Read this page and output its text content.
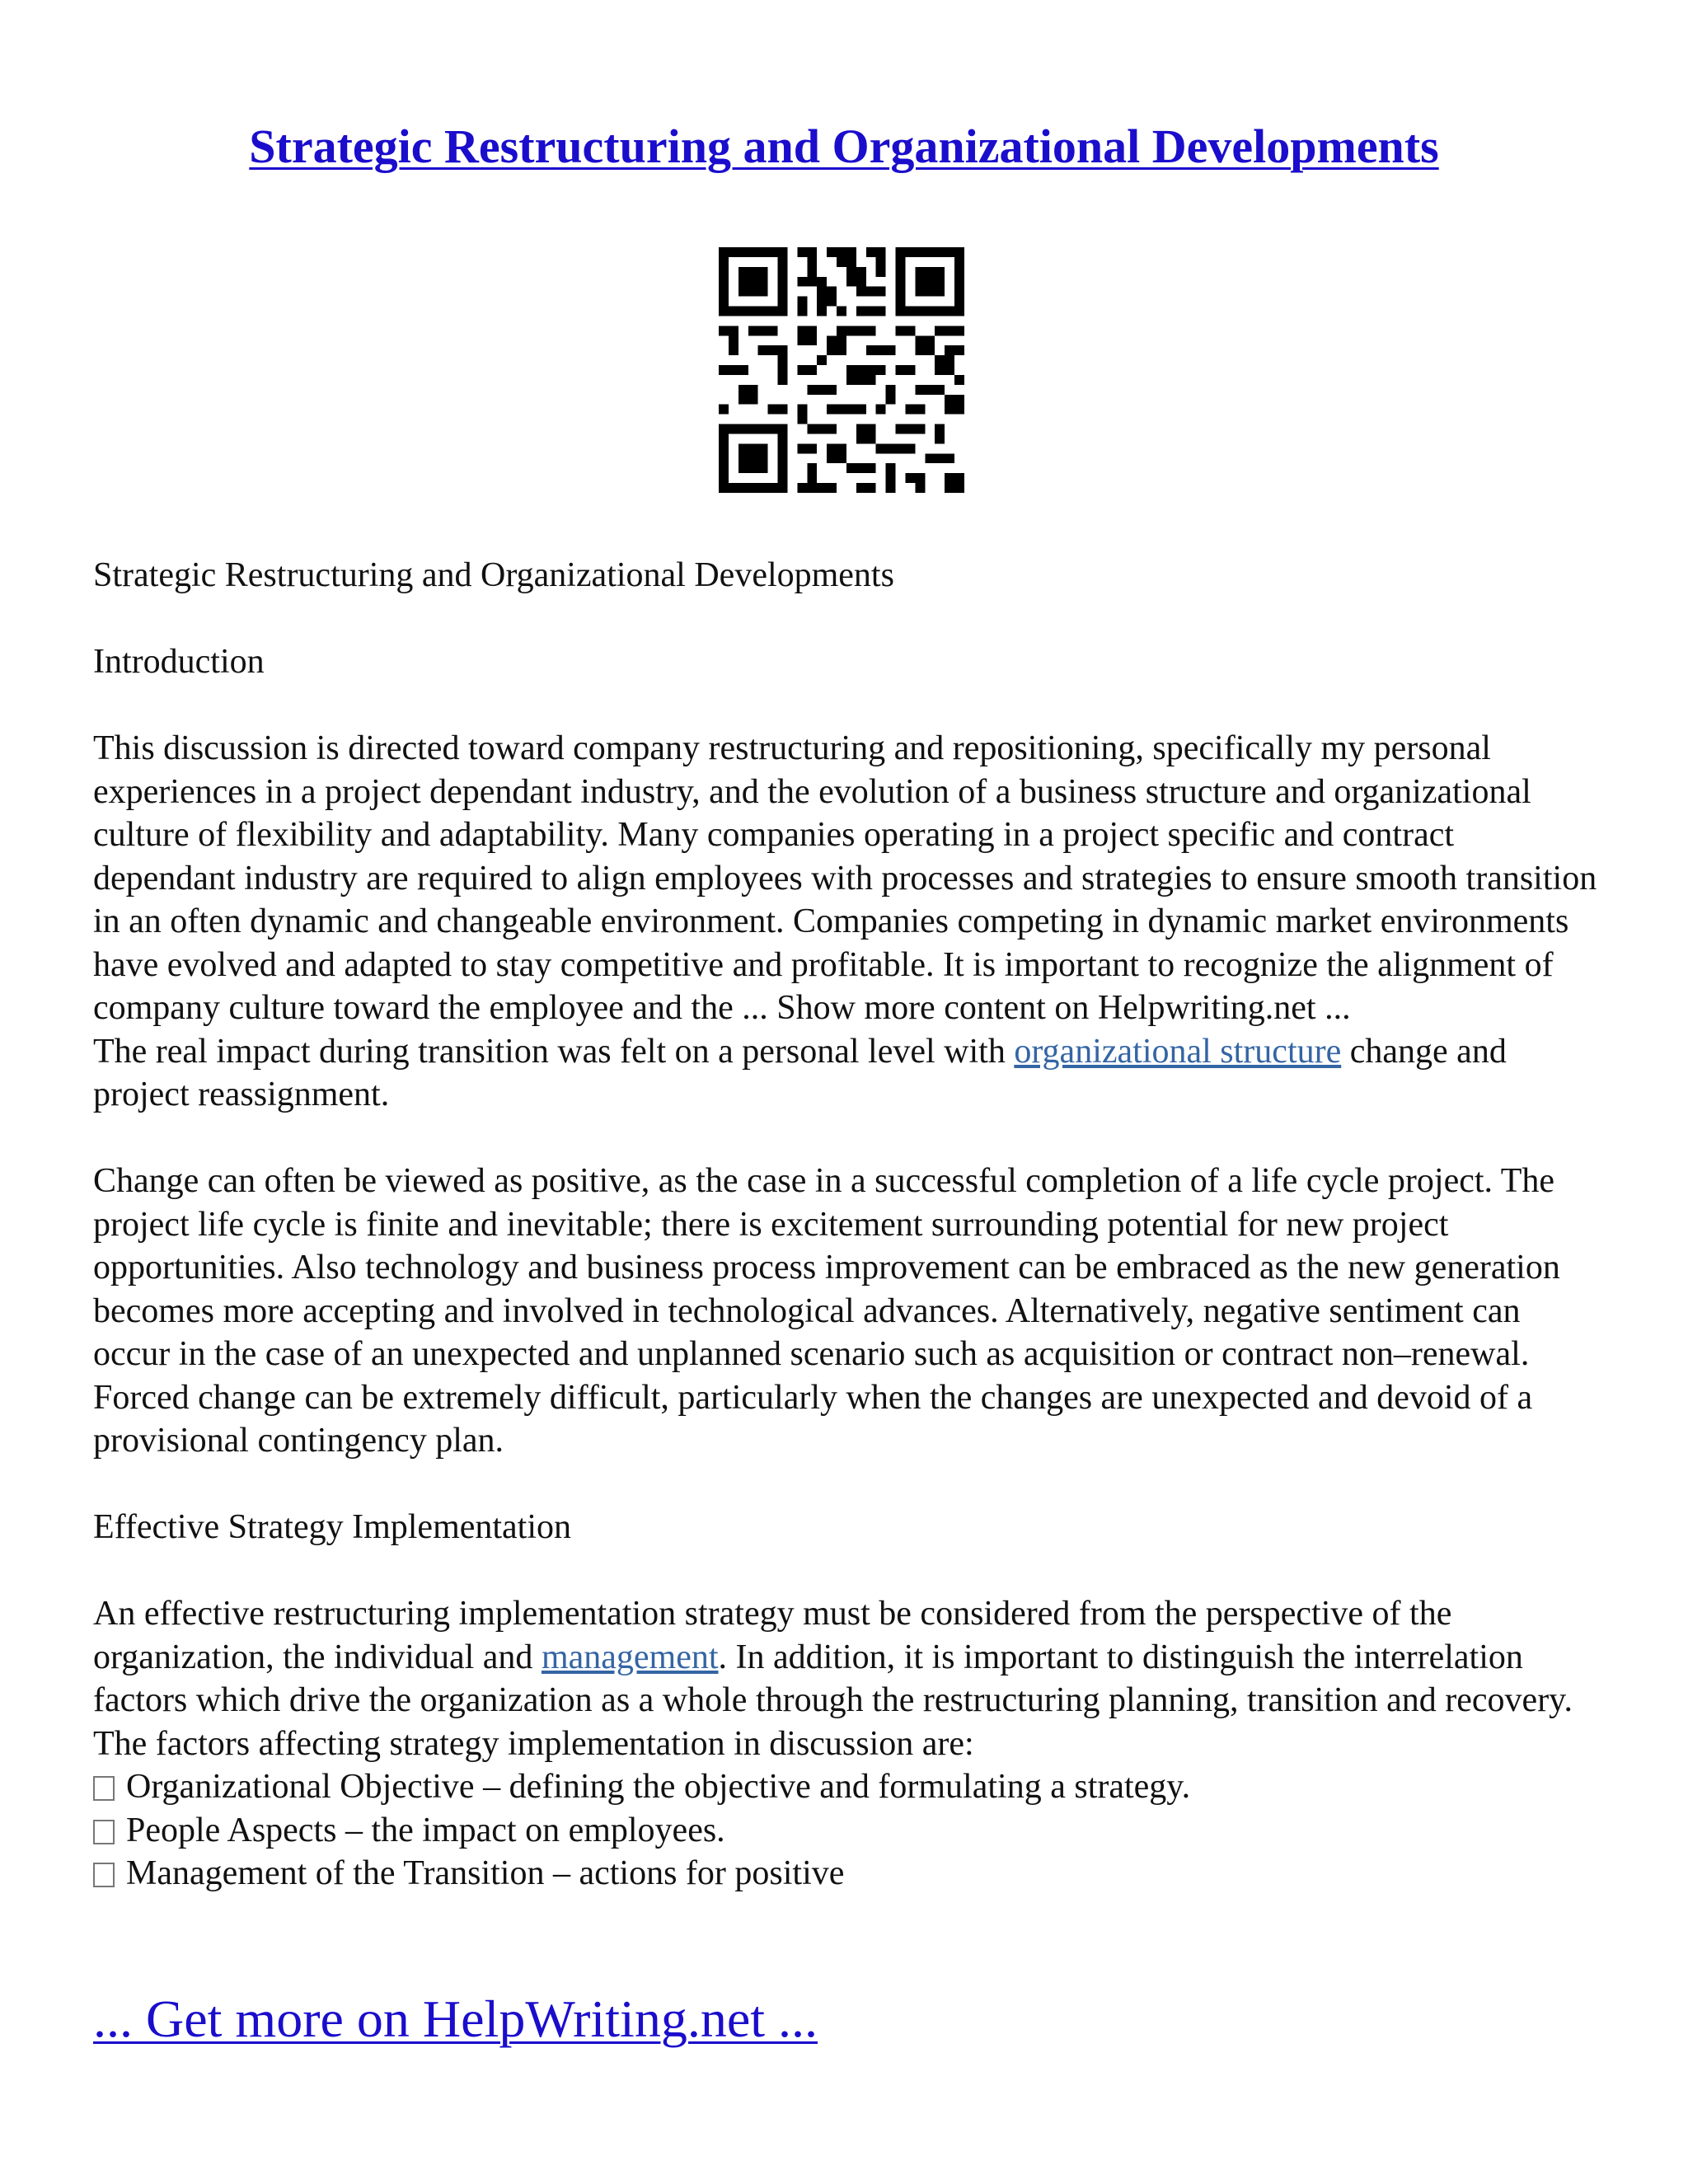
Strategic Restructuring and Organizational Developments

Strategic Restructuring and Organizational Developments

Introduction

This discussion is directed toward company restructuring and repositioning, specifically my personal experiences in a project dependant industry, and the evolution of a business structure and organizational culture of flexibility and adaptability. Many companies operating in a project specific and contract dependant industry are required to align employees with processes and strategies to ensure smooth transition in an often dynamic and changeable environment. Companies competing in dynamic market environments have evolved and adapted to stay competitive and profitable. It is important to recognize the alignment of company culture toward the employee and the ... Show more content on Helpwriting.net ...

The real impact during transition was felt on a personal level with organizational structure change and project reassignment.

Change can often be viewed as positive, as the case in a successful completion of a life cycle project. The project life cycle is finite and inevitable; there is excitement surrounding potential for new project opportunities. Also technology and business process improvement can be embraced as the new generation becomes more accepting and involved in technological advances. Alternatively, negative sentiment can occur in the case of an unexpected and unplanned scenario such as acquisition or contract non–renewal. Forced change can be extremely difficult, particularly when the changes are unexpected and devoid of a provisional contingency plan.

Effective Strategy Implementation

An effective restructuring implementation strategy must be considered from the perspective of the organization, the individual and management. In addition, it is important to distinguish the interrelation factors which drive the organization as a whole through the restructuring planning, transition and recovery. The factors affecting strategy implementation in discussion are:

Organizational Objective – defining the objective and formulating a strategy.

People Aspects – the impact on employees.

Management of the Transition – actions for positive

... Get more on HelpWriting.net ...
